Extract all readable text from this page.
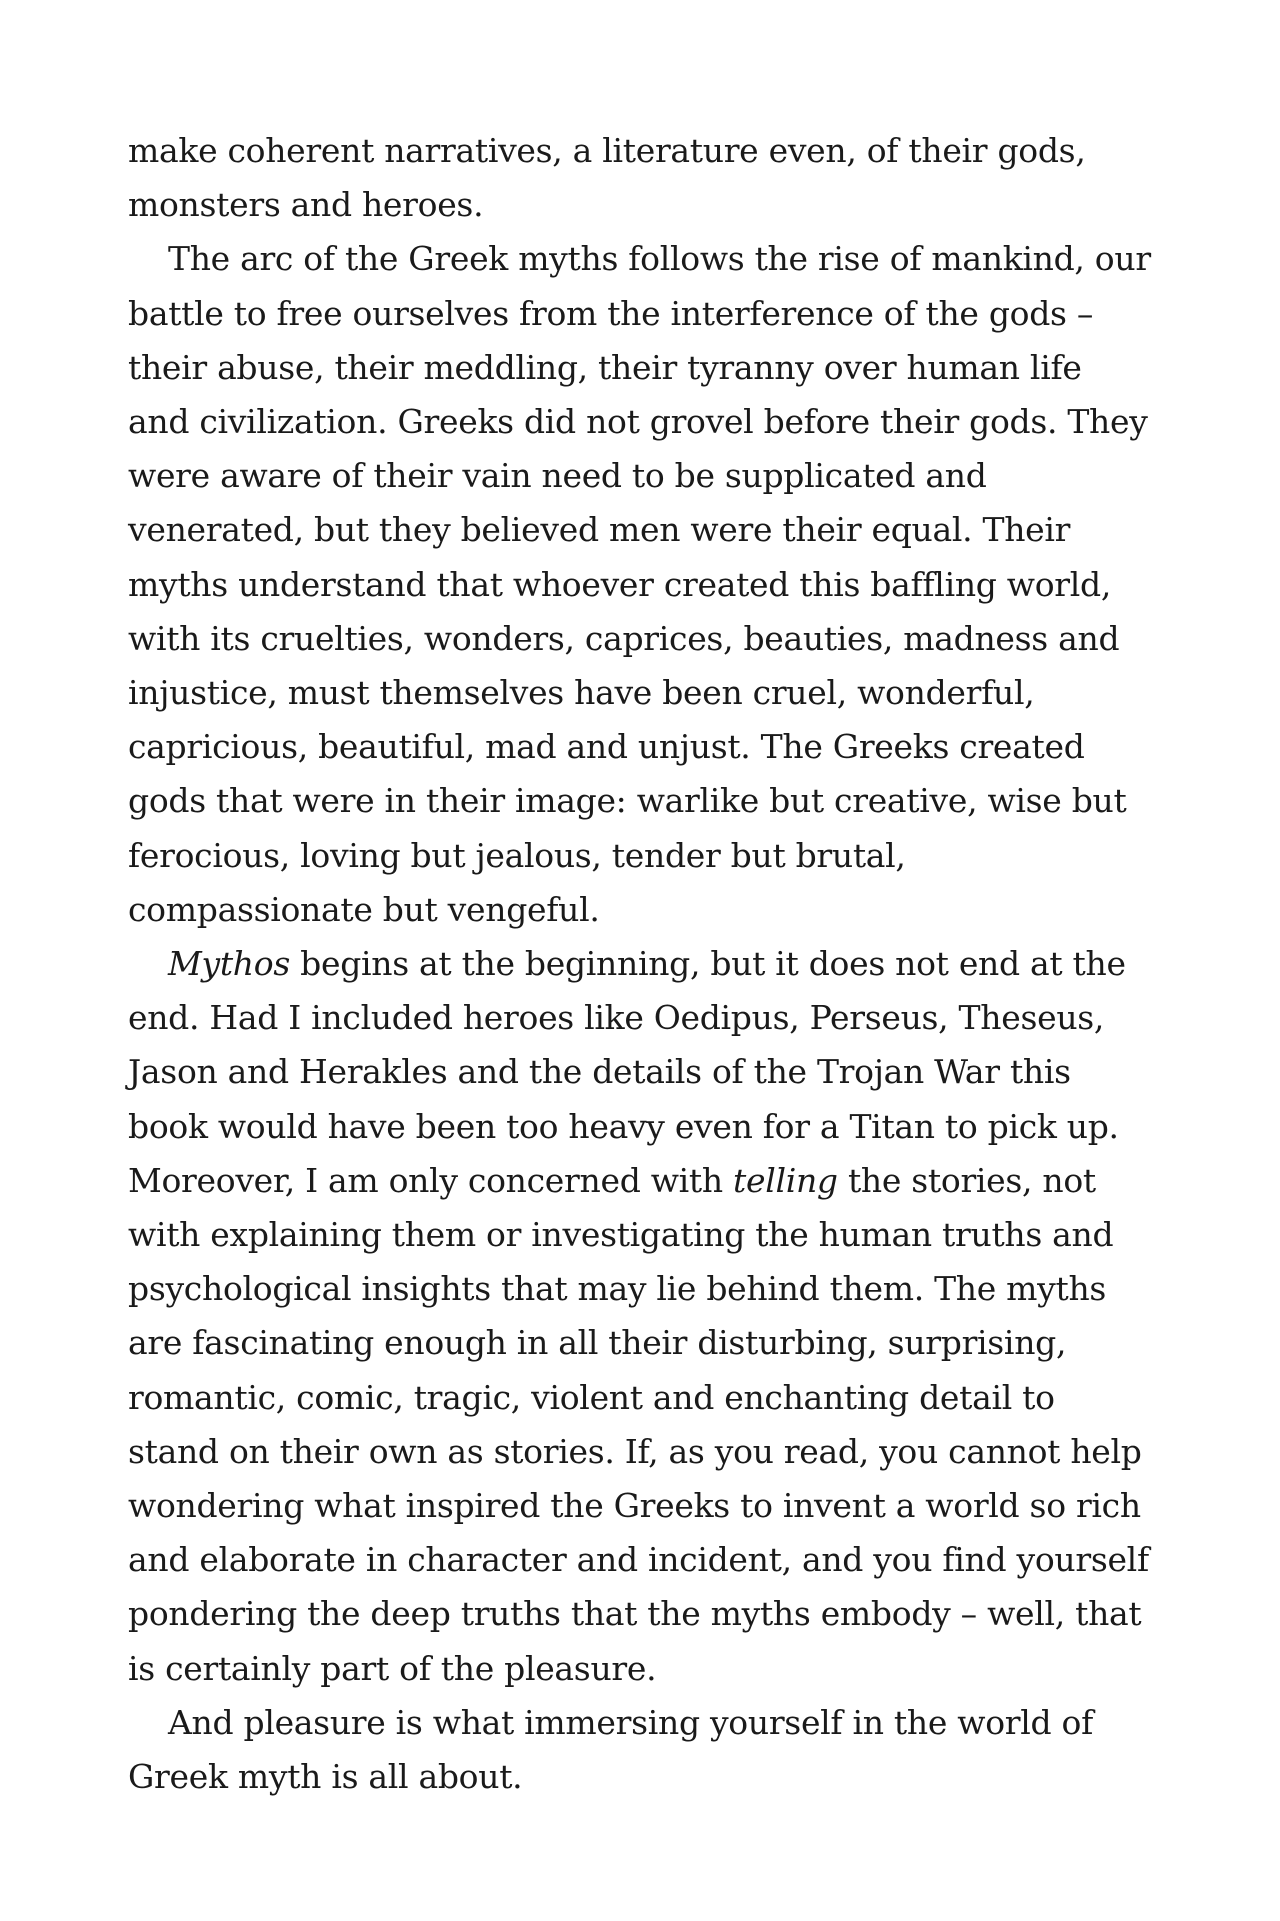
make coherent narratives, a literature even, of their gods,
monsters and heroes.

The arc of the Greek myths follows the rise of mankind, our
battle to free ourselves from the interference of the gods –
their abuse, their meddling, their tyranny over human life
and civilization. Greeks did not grovel before their gods. They
were aware of their vain need to be supplicated and
venerated, but they believed men were their equal. Their
myths understand that whoever created this baffling world,
with its cruelties, wonders, caprices, beauties, madness and
injustice, must themselves have been cruel, wonderful,
capricious, beautiful, mad and unjust. The Greeks created
gods that were in their image: warlike but creative, wise but
ferocious, loving but jealous, tender but brutal,
compassionate but vengeful.

Mythos begins at the beginning, but it does not end at the
end. Had I included heroes like Oedipus, Perseus, Theseus,
Jason and Herakles and the details of the Trojan War this
book would have been too heavy even for a Titan to pick up.
Moreover, I am only concerned with telling the stories, not
with explaining them or investigating the human truths and
psychological insights that may lie behind them. The myths
are fascinating enough in all their disturbing, surprising,
romantic, comic, tragic, violent and enchanting detail to
stand on their own as stories. If, as you read, you cannot help
wondering what inspired the Greeks to invent a world so rich
and elaborate in character and incident, and you find yourself
pondering the deep truths that the myths embody – well, that
is certainly part of the pleasure.

And pleasure is what immersing yourself in the world of
Greek myth is all about.
